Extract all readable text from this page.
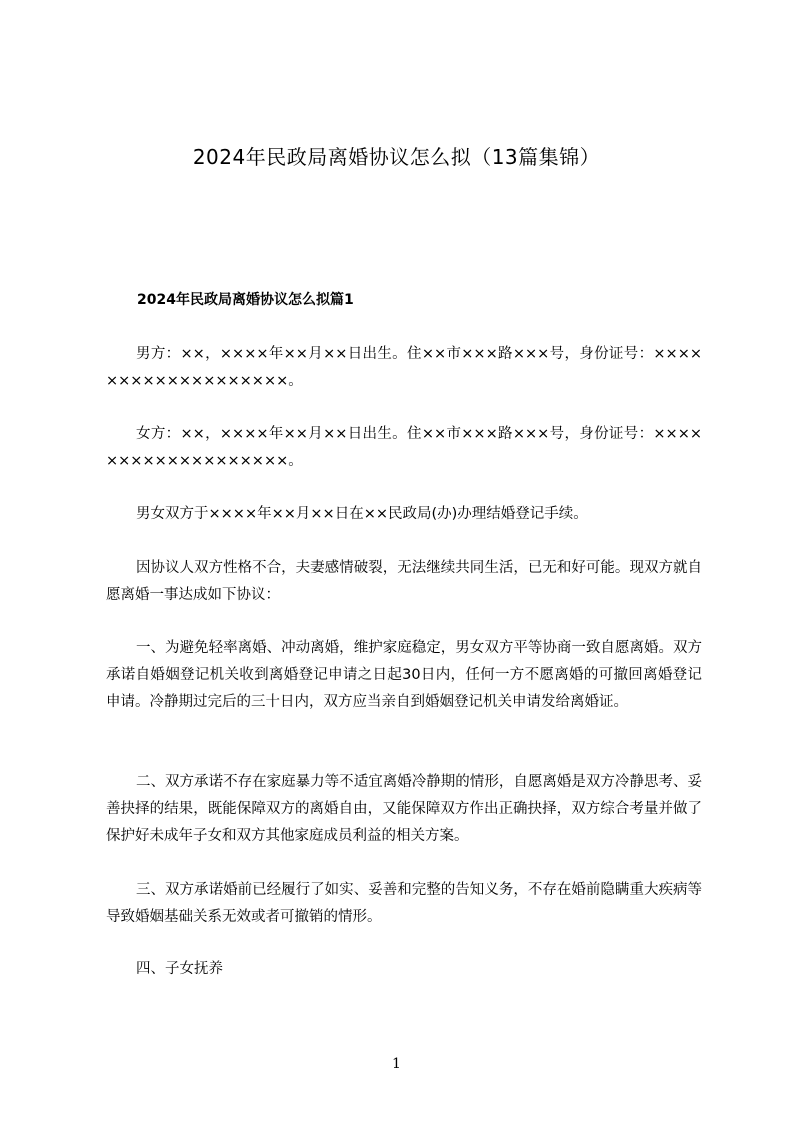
2024年民政局离婚协议怎么拟（13篇集锦）
2024年民政局离婚协议怎么拟篇1
男方：××，××××年××月××日出生。住××市×××路×××号，身份证号：×××××××××××××××××××。
女方：××，××××年××月××日出生。住××市×××路×××号，身份证号：×××××××××××××××××××。
男女双方于××××年××月××日在××民政局(办)办理结婚登记手续。
因协议人双方性格不合，夫妻感情破裂，无法继续共同生活，已无和好可能。现双方就自愿离婚一事达成如下协议：
一、为避免轻率离婚、冲动离婚，维护家庭稳定，男女双方平等协商一致自愿离婚。双方承诺自婚姻登记机关收到离婚登记申请之日起30日内，任何一方不愿离婚的可撤回离婚登记申请。冷静期过完后的三十日内，双方应当亲自到婚姻登记机关申请发给离婚证。
二、双方承诺不存在家庭暴力等不适宜离婚冷静期的情形，自愿离婚是双方冷静思考、妥善抉择的结果，既能保障双方的离婚自由，又能保障双方作出正确抉择，双方综合考量并做了保护好未成年子女和双方其他家庭成员利益的相关方案。
三、双方承诺婚前已经履行了如实、妥善和完整的告知义务，不存在婚前隐瞒重大疾病等导致婚姻基础关系无效或者可撤销的情形。
四、子女抚养
1
